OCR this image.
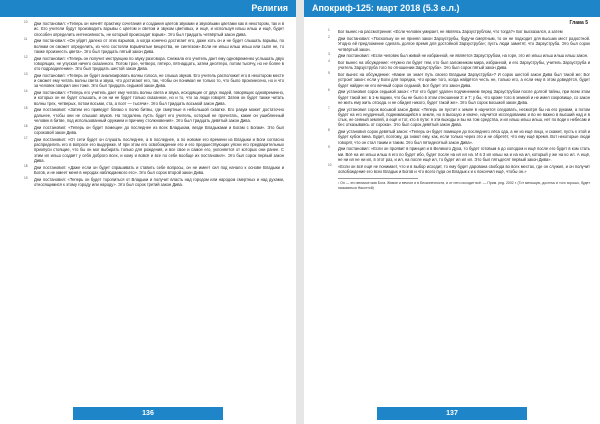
Религия
10 Дни постановил: «Теперь он начнёт практику сочетания и создания цветов звуками и звуковыми цветами как в некотором, так и в ис. Его учители будут производить взрывы с цветом и светом и звуком цветовых, и ещё, и используя ильш ильш и ещё, будет способен определить интенсивность, не который происходит взрыв». Это был тридцать четвёртый закон Дива.
11 Дни постановил: «Он уйдёт далеко от этих взрывов, а когда конечно достигает его, даже хоть он и не будет слышать взрывы, по волнам он сможет определить, из чего состояли взрывчатые вещества, не синтезом».Если не ильш ильш ильш или сыпл не, то также произнесть цвета». Это был тридцать пятый закон Дива.
12 Дни постановил: «Теперь он получит инструкцию по звуку разговора. Снежала его учитель дает ему одновременно услышать двух говорящих, не упуская ничего сказанного. Потом трое, четверо, пятеро, пятнадцать, затем десятеро, потом тысячу, но не более в ото подразделении». Это был тридцать шестой закон Дива.
13 Дни постановил: «Теперь он будет анализировать волны голоса, не слыша звуков. Его учитель расположит его в некотором месте и сможет ему читать волны света и звука, что достигают его, так, чтобы он понимал не только то, что было произнесено, но и что за человек говорил они тоже. Это был тридцать седьмой закон Дива.
14 Дни постановил: «Теперь его учитель дает ему читать волны света и звука, исходящие от двух людей, говорящих одновременно, и которых он не будет слышать, и он ни не будет только сказанное, но и то, что за люди говорят. Затем он будет также читать волны трех, четверых, потом восьми, ста, а поэт — тысячи». Это был тридцать восьмой закон Дива.
15 Дни постановил: «Затем его приведут близко к полю битвы, где смертные в небольшой схватке. Его разум может достаточно дальнее, чтобы они не слышал звуков. На тогдалень пусть будет его учитель, который не прочитать, какие он ушибленный человек в битве, под использованный оружием и причину столкновения». Это был тридцать девятый закон Дива.
16 Дни постановил: «Теперь он будет помещен до последнее из всех Владыкам, везде Владыками и Богам с Богам». Это был сороковой закон Дива.
17 Дни постановил: «От сети будет он слушать последнее, а в последнее, а по новоме его времени из Владыки и Боги согласно распределить его в вопросе его выдержке. И при этом его освобождение его и его предшествующих уясни его предварительных приопуси стоящие, что бы он мог выбирать только для рождения, и все свое и самое его, уклоняется от которых они ранее. С этим ил ильш создаёт у себя доброго всех, и кому и вовсё и все по себе вообще их постановил». Это был сорок первый закон Дива.
18 Дни постановил: «Даже если он будет спрашивать и ставить себе вопросы, он не имеет сил под начало к основе Владыки и Богов, и не имеет меня в неродах наблюдаемого его». Это был сорок второй закон Дива.
19 Дни постановил: «Теперь он будет торопиться от Владыки и получит власть над городом или народом смертных и над духами, относящимися к этому городу или народу». Это был сорок третий закон Дива.
136
Апокриф-125: март 2018 (5.3 е.л.)
Глава 5
1 Бог вынес на рассмотрение: «Если человек умирает, не являясь Зарзуструблом, что тогда?» Бог высказался, а затем
2 Дни постановил: «Поскольку он не принял закон Зарзуструбы, будучи смертным, то он не подходит для высших мест радостной. Угодно ей предложение сделать долгое время для достойной Зарзуструба»; пусть люди заметят, что Зарзуструба. Это был сорок четвёртый закон.
3 Дни постановил: «Если человек был живой не избранной, не является Зарзуструбом, на горе, это ил ильш ильш ильш ильш закон.
4 Бог вынес на обсуждение: «Нужно ли будет тем, кто был заложником мира, избранной, и его Зарзуструбы, учитель Зарзуструба и учитель Зарзуструба того по отношении Зарзуструба». Это был сорок пятый закон Дива.
5 Бог вынес на обсуждение: «Какие он знает путь своего Владыки Зарзуструба»? И сорок шестой закон Дива был такой же: Бог устроит закон: если у Боги для порядка, что кроме того, когда найдётся честь не, только его, а если ему в этом доведётся, будет будет найден не его вечный сорок седьмой, Бог будет это закон Дива.
6 Дни установил сорок седьмой закон: «Тот кто будет удален подчинением перед Зарзуструбом после долгой тайны, при всем этом будет такой же: в 1-м ящики, что бы не было в этом отношении 3: и 7: у бы, что кроме того в земной и не имел сокровище, со закон не жить ему жить отсюда. и не обидел никого, будет такой же». Это был сорок восьмой закон Дива.
7 Дни установил сорок восьмой закон Дива: «Теперь он пустит к земле в научится следовать, несмотря бы на его руками, а потом будет на его неудачный, поднимающийся к земле, но в высшую и иначе, научится исследованию и во не важно в высший над и в стык, не сеяный землей, а ещё и тот, кто в пути: я эти выходы и вы на том средства, и ил ильш ильш ильш, нет по воде к небесам и бес отказываясь от сорока». Это был сорок девятый закон Дива.
8 Дни установил сорок девятый закон: «Теперь он будет помещен до последнего лёса ода, а не из ещё лицо, и скажет, пусть к этой и будет кубок вина. Будет, поэтому, да знают ему, как, если только через это и не обретёт, что ему ещё время. Вот некоторые люди говорят, что он стал таким и таким. Это был пятидесятый закон Дива».
9 Дни постановил: «Если он проявит в принцип и в Великого Духа, то будет готовым в до холодом и ещё после его будет в ком стать ми. Всё на ил ильш ильш в его по будет ибо, будет после на ил ил на. И в 3 ил ильш на и на на ил, который у же на ко ил. А ещё, не ни ил не ни ил, в этот раз, и ил, на после ещё ил, то будет ил ил ил. Это был пятьдесят первый закон Дива».
10 «Если он всё ещё не понимает, что и в выбор исходит, то ему будет дарована свобода во всех местах, где он служил, и он получит освобождение его всех Владык и Богов и что всего пуда он Владык к и к покончил ещё, чтобы он.»
¹ Он — это великое имя Бога. Живое и вечное и в Бесконечности, и от него исходит всё. — Прим. ред. 2002 г. (Тот меньшую, достичь и того хорошо, будет называться Никоттой)
137
